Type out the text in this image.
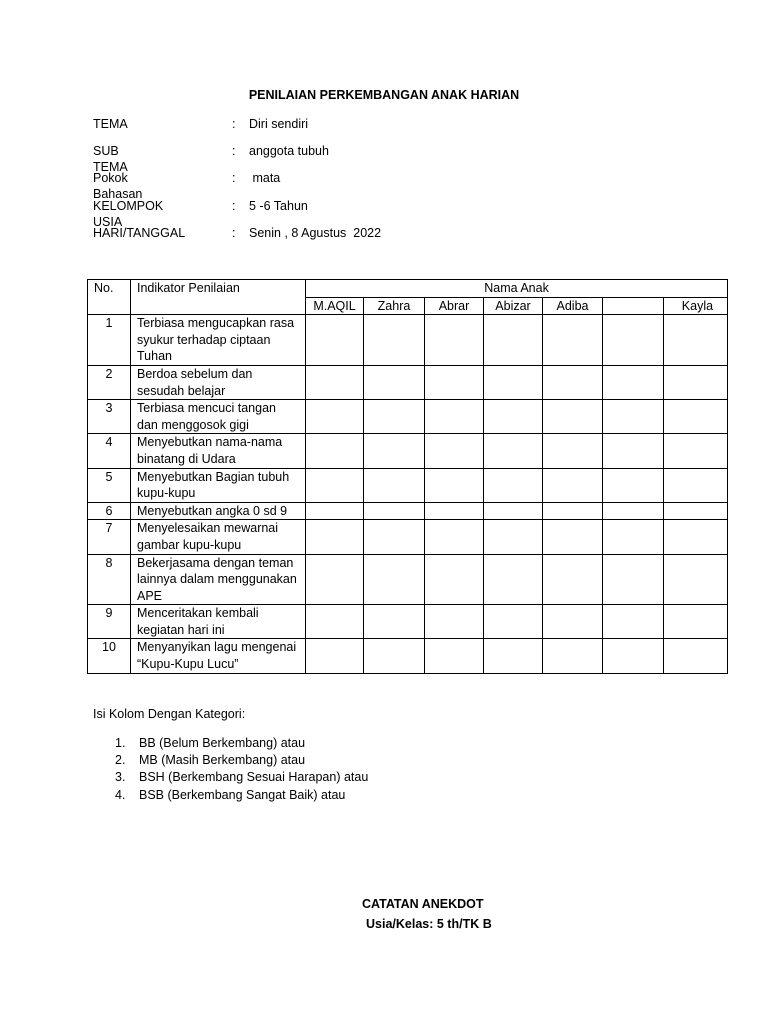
PENILAIAN PERKEMBANGAN ANAK HARIAN
TEMA	: Diri sendiri
SUB TEMA
: anggota tubuh
Pokok Bahasan
: mata
KELOMPOK USIA
: 5 -6 Tahun
HARI/TANGGAL	: Senin , 8 Agustus  2022
No.	Indikator Penilaian	Nama Anak						
		M.AQIL	Zahra	Abrar	Abizar	Adiba		Kayla
1	Terbiasa mengucapkan rasa syukur terhadap ciptaan Tuhan							
2	Berdoa sebelum dan sesudah belajar							
3	Terbiasa mencuci tangan dan menggosok gigi							
4	Menyebutkan nama-nama binatang di Udara							
5	Menyebutkan Bagian tubuh kupu-kupu							
6	Menyebutkan angka 0 sd 9							
7	Menyelesaikan mewarnai gambar kupu-kupu							
8	Bekerjasama dengan teman lainnya dalam menggunakan APE							
9	Menceritakan kembali kegiatan hari ini							
10	Menyanyikan lagu mengenai “Kupu-Kupu Lucu”							
Isi Kolom Dengan Kategori:
1. BB (Belum Berkembang) atau
2. MB (Masih Berkembang) atau
3. BSH (Berkembang Sesuai Harapan) atau
4. BSB (Berkembang Sangat Baik) atau
CATATAN ANEKDOT
Usia/Kelas: 5 th/TK B
